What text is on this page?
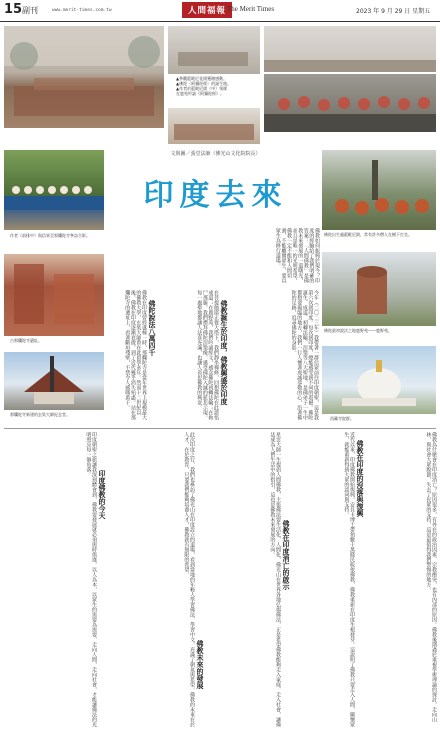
15 副刊	www.merit-times.com.tw	人間福報 The Merit Times	2023 年 9 月 29 日 星期五
▲參觀藍毗尼花園獲贈感動。
▲佛陀〈阿彌陀經〉的誕生地。
▲作者於藍毗尼園（中）領隊
在鹿苑吟誦《阿彌陀經》。
作者（前排中）與信眾至那爛陀寺參訪合影。
古那爛陀寺遺址。
那爛陀寺新建的玄奘大師紀念堂。
佛陀出生處藍毗尼園，常有許多僧人在樹下打坐。
佛陀最初說法之地鹿野苑——鹿野苑。
西藏寺院群。
文與圖／張堂法師（佛光山文化院院長）
印度去來
佛教如何振興於現今？印度的經驗給了我們明確的答案：「人間佛教」是佛教未來發展的一道曙光，並且是唯一的光明希望，佛教一定不能和人間切割，不能離開眾生，要以眾生為修行道場。
今年（二〇二三年）我帶著一群信眾前往印度朝聖，這是我第六次到印度。每次到印度，總能感受到不同的震撼。佛陀誕生、成道、初轉法輪、涅槃等八大聖地，是佛弟子一生中都想要親臨的地方，我們一行人懷著虔誠恭敬的心，沿著佛陀的足跡，追尋佛陀的身影。
佛教誕生於印度，佛教興盛於印度
在菩提伽耶正覺大塔下，我們靜坐禪修，回想佛陀在此證悟成道；在鹿野苑，我們吟誦經文，感念佛陀初轉法輪；在拘尸那羅，我們禮拜佛陀涅槃像，感受佛陀入滅的慈悲示現。每一處聖地都讓人法喜充滿，也讓人省思佛教的興衰。
佛陀說法八萬四千
佛教在印度曾經盛極一時，那爛陀寺是當年世界上規模最大的佛教大學，玄奘大師曾在此留學多年。然而十二世紀以後，佛教在印度逐漸衰微，到了近代幾乎消失殆盡。站在那爛陀寺的遺址上，看著斷垣殘壁，不禁令人感嘆萬千。
佛教為什麼會在印度消亡？原因很多，有外在的政治因素、宗教衝突，也有內部的原因。佛教後期過於重視學術理論的探討，走向山林，與社會大眾脫節，失去了民眾的支持，這是最值得我們警惕的地方。
佛教在印度的沒落與復興
近代以來，印度佛教開始復興，安貝卡博士帶領數十萬賤民皈依佛教，佛教重新在印度生根發芽。這說明了佛教只要走入人間，關懷眾生，就能重新得到大眾的認同與支持。
佛教在印度消亡的啟示
星雲大師一生提倡人間佛教，主張佛法要生活化、人間化，佛光山在世界各地弘揚佛法，正是希望佛教能夠走入家庭、走入社會，讓佛法成為人們生活中的指引，這也是佛教未來發展的方向。
佛教未來的發展
此次印度之行，我們也參訪了佛光山在印度設立的道場，看到當地的年輕人學習佛法、學習中文，充滿了朝氣與希望。佛教的未來在於人才，在於教育，只要我們能夠培養人才，佛教就有無限的希望。
印度佛教的今天
印度朝聖之旅讓我深刻體會到，佛教要發展就必須與時俱進，以人為本，以眾生的需要為需要，走向人間，走向社會，才能讓佛法的光明照亮每一個角落。
